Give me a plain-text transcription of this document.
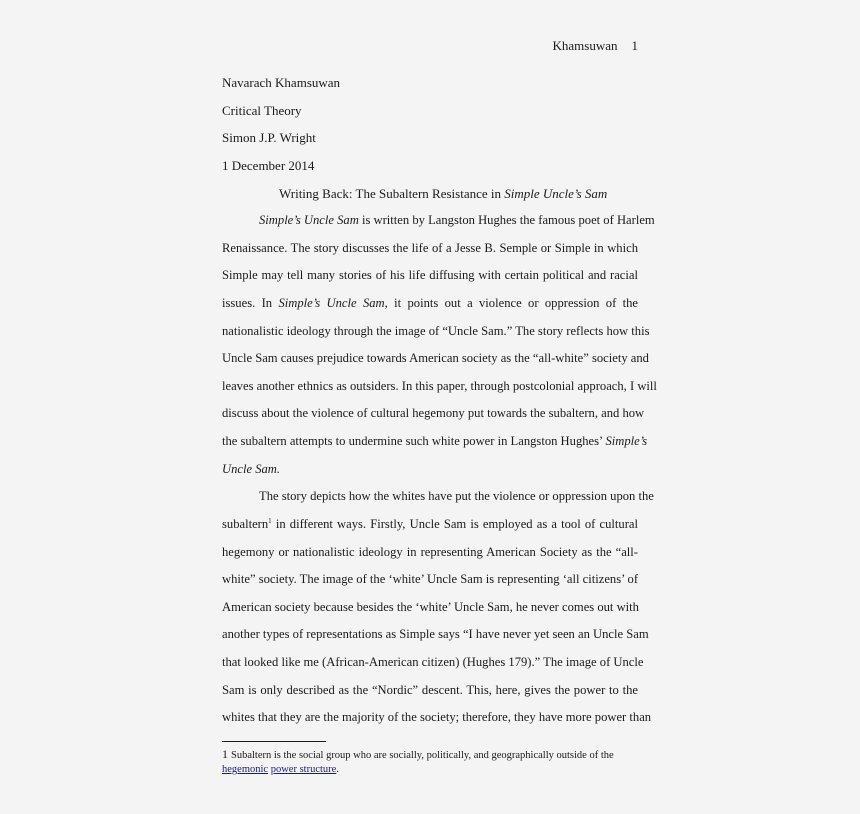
Khamsuwan 1
Navarach Khamsuwan
Critical Theory
Simon J.P. Wright
1 December 2014
Writing Back: The Subaltern Resistance in Simple Uncle’s Sam
Simple’s Uncle Sam is written by Langston Hughes the famous poet of Harlem
Renaissance. The story discusses the life of a Jesse B. Semple or Simple in which
Simple may tell many stories of his life diffusing with certain political and racial
issues. In Simple’s Uncle Sam, it points out a violence or oppression of the
nationalistic ideology through the image of “Uncle Sam.” The story reflects how this
Uncle Sam causes prejudice towards American society as the “all-white” society and
leaves another ethnics as outsiders. In this paper, through postcolonial approach, I will
discuss about the violence of cultural hegemony put towards the subaltern, and how
the subaltern attempts to undermine such white power in Langston Hughes’ Simple’s
Uncle Sam.
The story depicts how the whites have put the violence or oppression upon the
subaltern$^1$ in different ways. Firstly, Uncle Sam is employed as a tool of cultural
hegemony or nationalistic ideology in representing American Society as the “all-
white” society. The image of the ‘white’ Uncle Sam is representing ‘all citizens’ of
American society because besides the ‘white’ Uncle Sam, he never comes out with
another types of representations as Simple says “I have never yet seen an Uncle Sam
that looked like me (African-American citizen) (Hughes 179).” The image of Uncle
Sam is only described as the “Nordic” descent. This, here, gives the power to the
whites that they are the majority of the society; therefore, they have more power than
1 Subaltern is the social group who are socially, politically, and geographically outside of the
hegemonic power structure.
